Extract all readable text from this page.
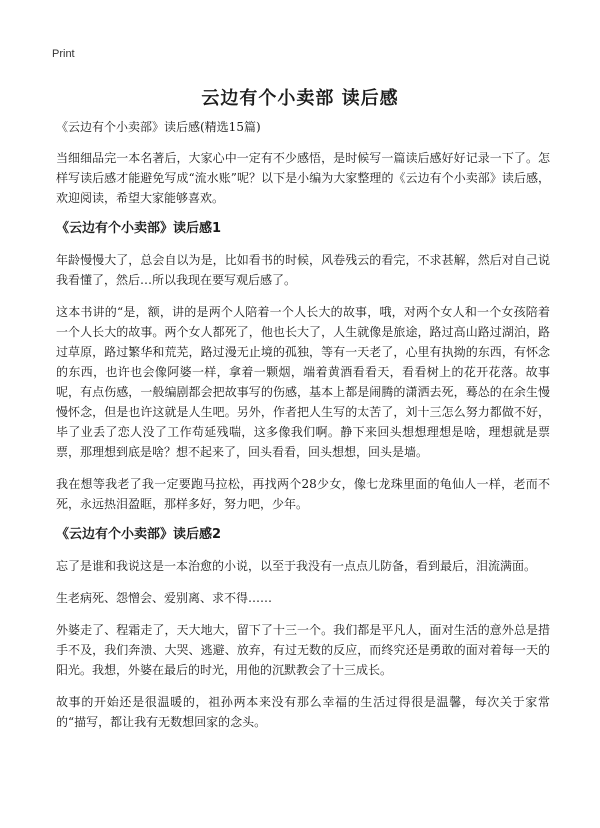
Print
云边有个小卖部 读后感
《云边有个小卖部》读后感(精选15篇)

当细细品完一本名著后，大家心中一定有不少感悟，是时候写一篇读后感好好记录一下了。怎样写读后感才能避免写成“流水账”呢？以下是小编为大家整理的《云边有个小卖部》读后感，欢迎阅读，希望大家能够喜欢。

《云边有个小卖部》读后感1

年龄慢慢大了，总会自以为是，比如看书的时候，风卷残云的看完，不求甚解，然后对自己说我看懂了，然后…所以我现在要写观后感了。

这本书讲的“是，额，讲的是两个人陪着一个人长大的故事，哦，对两个女人和一个女孩陪着一个人长大的故事。两个女人都死了，他也长大了，人生就像是旅途，路过高山路过湖泊，路过草原，路过繁华和荒芜，路过漫无止境的孤独，等有一天老了，心里有执拗的东西，有怀念的东西，也许也会像阿婆一样，拿着一颗烟，端着黄酒看看天，看看树上的花开花落。故事呢，有点伤感，一般编剧都会把故事写的伤感，基本上都是闹腾的潇洒去死，蓦怂的在余生慢慢怀念，但是也许这就是人生吧。另外，作者把人生写的太苦了，刘十三怎么努力都做不好，毕了业丢了恋人没了工作苟延残喘，这多像我们啊。静下来回头想想理想是啥，理想就是票票，那理想到底是啥？想不起来了，回头看看，回头想想，回头是墙。

我在想等我老了我一定要跑马拉松，再找两个28少女，像七龙珠里面的龟仙人一样，老而不死，永远热泪盈眶，那样多好，努力吧，少年。

《云边有个小卖部》读后感2

忘了是谁和我说这是一本治愈的小说，以至于我没有一点点儿防备，看到最后，泪流满面。

生老病死、怨憎会、爱别离、求不得……

外婆走了、程霜走了，天大地大，留下了十三一个。我们都是平凡人，面对生活的意外总是措手不及，我们奔溃、大哭、逃避、放弃，有过无数的反应，而终究还是勇敢的面对着每一天的阳光。我想，外婆在最后的时光，用他的沉默教会了十三成长。

故事的开始还是很温暖的，祖孙两本来没有那么幸福的生活过得很是温馨，每次关于家常的“描写，都让我有无数想回家的念头。
